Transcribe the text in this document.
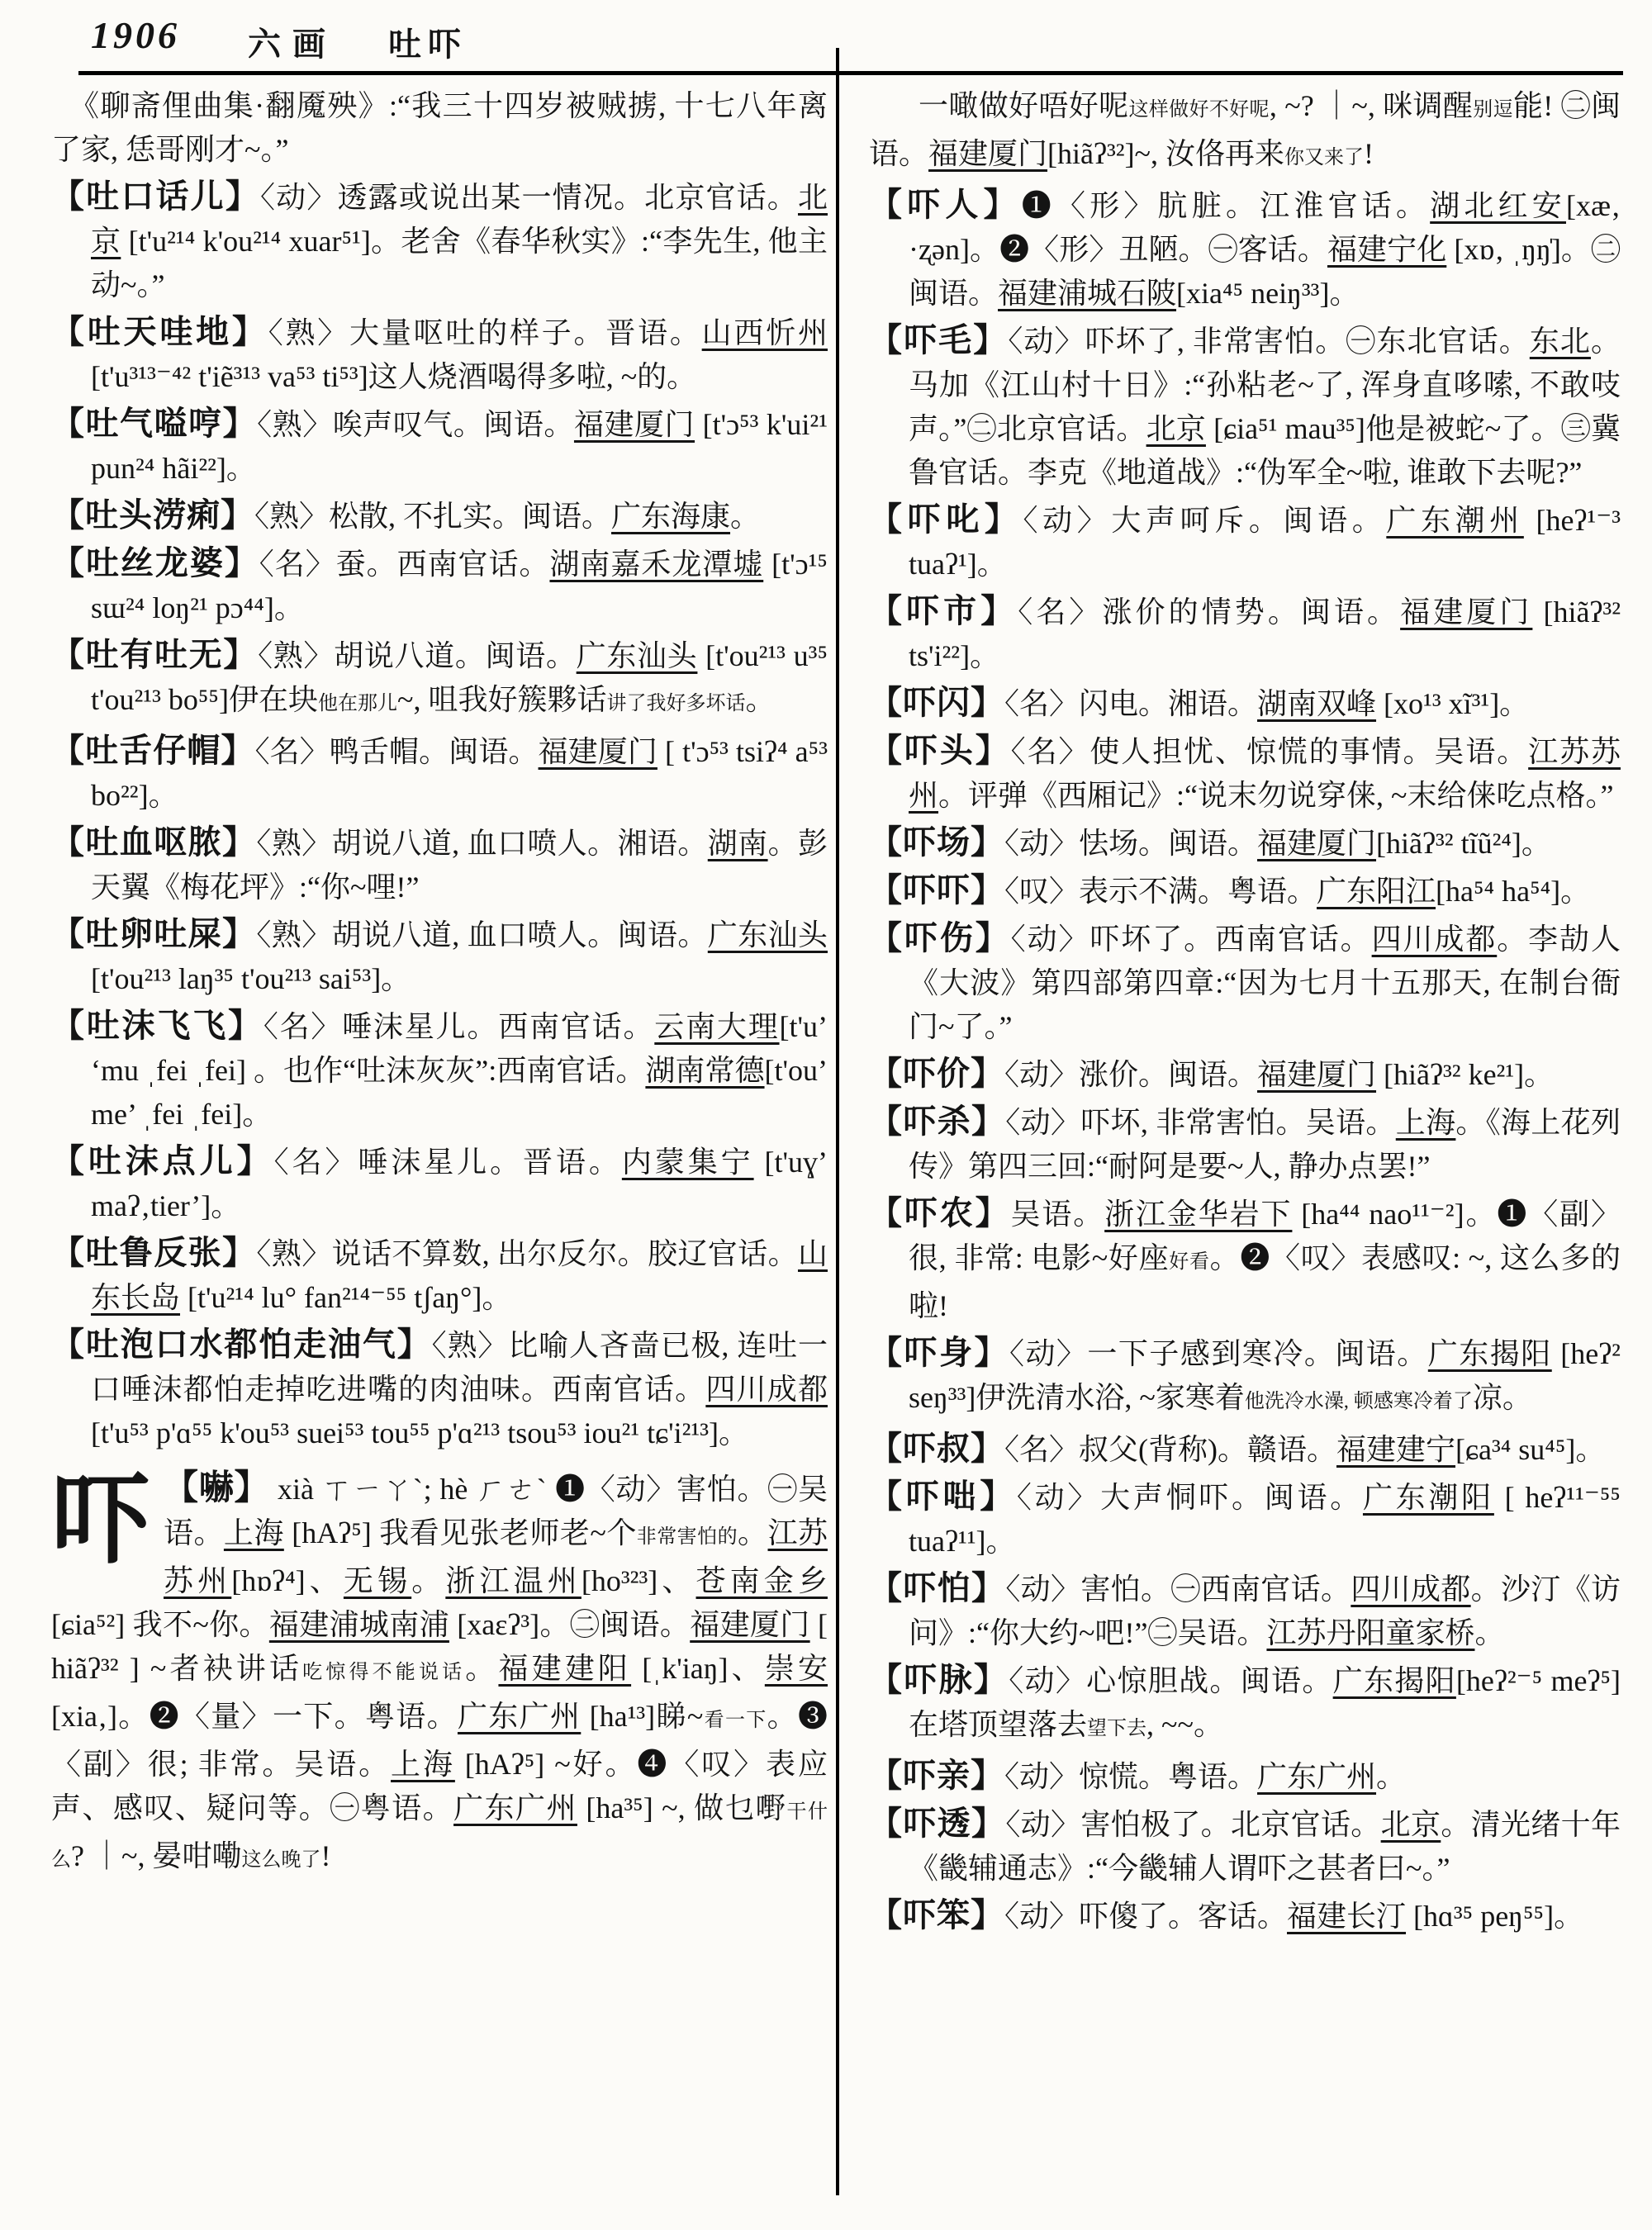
1906 六画 吐吓

《聊斋俚曲集·翻魇殃》:“我三十四岁被贼掳, 十七八年离了家, 恁哥刚才~。”

【吐口话儿】〈动〉透露或说出某一情况。北京官话。北京 [t'u²¹⁴ k'ou²¹⁴ xuar⁵¹]。老舍《春华秋实》:“李先生, 他主动~。”

【吐天哇地】〈熟〉大量呕吐的样子。晋语。山西忻州 [t'u³¹³⁻⁴² t'iẽ³¹³ va⁵³ ti⁵³]这人烧酒喝得多啦, ~的。

【吐气嗌哼】〈熟〉唉声叹气。闽语。福建厦门 [t'ɔ⁵³ k'ui²¹ pun²⁴ hãi²²]。

【吐头涝痢】〈熟〉松散, 不扎实。闽语。广东海康。

【吐丝龙婆】〈名〉蚕。西南官话。湖南嘉禾龙潭墟 [t'ɔ¹⁵ sɯ²⁴ loŋ²¹ pɔ⁴⁴]。

【吐有吐无】〈熟〉胡说八道。闽语。广东汕头 [t'ou²¹³ u³⁵ t'ou²¹³ bo⁵⁵]伊在块他在那儿~, 咀我好簇夥话讲了我好多坏话。

【吐舌仔帽】〈名〉鸭舌帽。闽语。福建厦门 [ t'ɔ⁵³ tsiʔ⁴ a⁵³ bo²²]。

【吐血呕脓】〈熟〉胡说八道, 血口喷人。湘语。湖南。彭天翼《梅花坪》:“你~哩!”

【吐卵吐屎】〈熟〉胡说八道, 血口喷人。闽语。广东汕头 [t'ou²¹³ laŋ³⁵ t'ou²¹³ sai⁵³]。

【吐沫飞飞】〈名〉唾沫星儿。西南官话。云南大理[t'u’ ‘mu ˌfei ˌfei] 。也作“吐沫灰灰”:西南官话。湖南常德[t'ou’ me’ ˌfei ˌfei]。

【吐沫点儿】〈名〉唾沫星儿。晋语。内蒙集宁 [t'uɣ’ maʔ‚tier’]。

【吐鲁反张】〈熟〉说话不算数, 出尔反尔。胶辽官话。山东长岛 [t'u²¹⁴ lu° fan²¹⁴⁻⁵⁵ tʃaŋ°]。

【吐泡口水都怕走油气】〈熟〉比喻人吝啬已极, 连吐一口唾沫都怕走掉吃进嘴的肉油味。西南官话。四川成都 [t'u⁵³ p'ɑ⁵⁵ k'ou⁵³ suei⁵³ tou⁵⁵ p'ɑ²¹³ tsou⁵³ iou²¹ tɕ'i²¹³]。

吓 【嚇】 xià ㄒㄧㄚˋ; hè ㄏㄜˋ ❶〈动〉害怕。㊀吴语。上海 [hAʔ⁵] 我看见张老师老~个非常害怕的。江苏苏州[hɒʔ⁴]、无锡。浙江温州[ho³²³]、苍南金乡[ɕia⁵²] 我不~你。福建浦城南浦 [xaεʔ³]。㊁闽语。福建厦门 [ hiãʔ³² ] ~者袂讲话吃惊得不能说话。福建建阳 [ˌk'iaŋ]、崇安 [xia‚]。❷〈量〉一下。粤语。广东广州 [ha¹³]睇~看一下。❸〈副〉很; 非常。吴语。上海 [hAʔ⁵] ~好。❹〈叹〉表应声、感叹、疑问等。㊀粤语。广东广州 [ha³⁵] ~, 做乜嘢干什么? ｜~, 晏咁嘞这么晚了!

一噉做好唔好呢这样做好不好呢, ~? ｜~, 咪调醒别逗能! ㊁闽语。福建厦门[hiãʔ³²]~, 汝佫再来你又来了!

【吓人】❶〈形〉肮脏。江淮官话。湖北红安[xæ‚ ·ʐən]。❷〈形〉丑陋。㊀客话。福建宁化 [xɒ‚ ˌŋŋ̍]。㊁闽语。福建浦城石陂[xia⁴⁵ neiŋ³³]。

【吓毛】〈动〉吓坏了, 非常害怕。㊀东北官话。东北。马加《江山村十日》:“孙粘老~了, 浑身直哆嗦, 不敢吱声。”㊁北京官话。北京 [ɕia⁵¹ mau³⁵]他是被蛇~了。㊂冀鲁官话。李克《地道战》:“伪军全~啦, 谁敢下去呢?”

【吓叱】〈动〉大声呵斥。闽语。广东潮州 [heʔ¹⁻³ tuaʔ¹]。

【吓市】〈名〉涨价的情势。闽语。福建厦门 [hiãʔ³² ts'i²²]。

【吓闪】〈名〉闪电。湘语。湖南双峰 [xo¹³ xĩ³¹]。

【吓头】〈名〉使人担忧、惊慌的事情。吴语。江苏苏州。评弹《西厢记》:“说末勿说穿俫, ~末给俫吃点格。”

【吓场】〈动〉怯场。闽语。福建厦门[hiãʔ³² tĩũ²⁴]。

【吓吓】〈叹〉表示不满。粤语。广东阳江[ha⁵⁴ ha⁵⁴]。

【吓伤】〈动〉吓坏了。西南官话。四川成都。李劼人《大波》第四部第四章:“因为七月十五那天, 在制台衙门~了。”

【吓价】〈动〉涨价。闽语。福建厦门 [hiãʔ³² ke²¹]。

【吓杀】〈动〉吓坏, 非常害怕。吴语。上海。《海上花列传》第四三回:“耐阿是要~人, 静办点罢!”

【吓农】吴语。浙江金华岩下 [ha⁴⁴ nao¹¹⁻²]。❶〈副〉很, 非常: 电影~好座好看。❷〈叹〉表感叹: ~, 这么多的啦!

【吓身】〈动〉一下子感到寒冷。闽语。广东揭阳 [heʔ² seŋ³³]伊洗清水浴, ~家寒着他洗冷水澡, 顿感寒冷着了凉。

【吓叔】〈名〉叔父(背称)。赣语。福建建宁[ɕa³⁴ su⁴⁵]。

【吓咄】〈动〉大声恫吓。闽语。广东潮阳 [ heʔ¹¹⁻⁵⁵ tuaʔ¹¹]。

【吓怕】〈动〉害怕。㊀西南官话。四川成都。沙汀《访问》:“你大约~吧!”㊁吴语。江苏丹阳童家桥。

【吓脉】〈动〉心惊胆战。闽语。广东揭阳[heʔ²⁻⁵ meʔ⁵] 在塔顶望落去望下去, ~~。

【吓亲】〈动〉惊慌。粤语。广东广州。

【吓透】〈动〉害怕极了。北京官话。北京。清光绪十年《畿辅通志》:“今畿辅人谓吓之甚者曰~。”

【吓笨】〈动〉吓傻了。客话。福建长汀 [hɑ³⁵ peŋ⁵⁵]。
